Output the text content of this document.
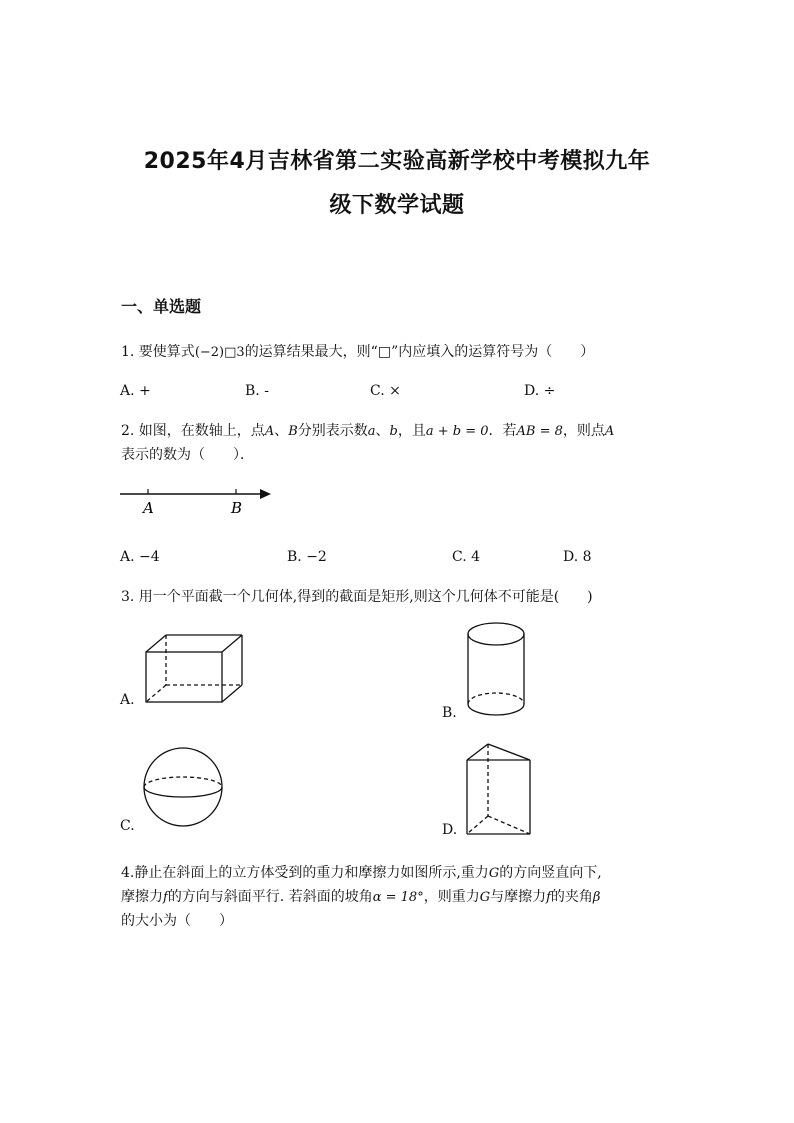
2025年4月吉林省第二实验高新学校中考模拟九年
级下数学试题
一、单选题
1. 要使算式(−2)□3的运算结果最大，则“□”内应填入的运算符号为（　　）
A. +	B. -	C. ×	D. ÷
2. 如图，在数轴上，点A、B分别表示数a、b，且a + b = 0．若AB = 8，则点A
表示的数为（　　）．
A	B
A. −4	B. −2	C. 4	D. 8
3. 用一个平面截一个几何体,得到的截面是矩形,则这个几何体不可能是(　　)
A.
B.
C.	D.
4.静止在斜面上的立方体受到的重力和摩擦力如图所示,重力G的方向竖直向下,
摩擦力f的方向与斜面平行. 若斜面的坡角α = 18°，则重力G与摩擦力f的夹角β
的大小为（　　）
